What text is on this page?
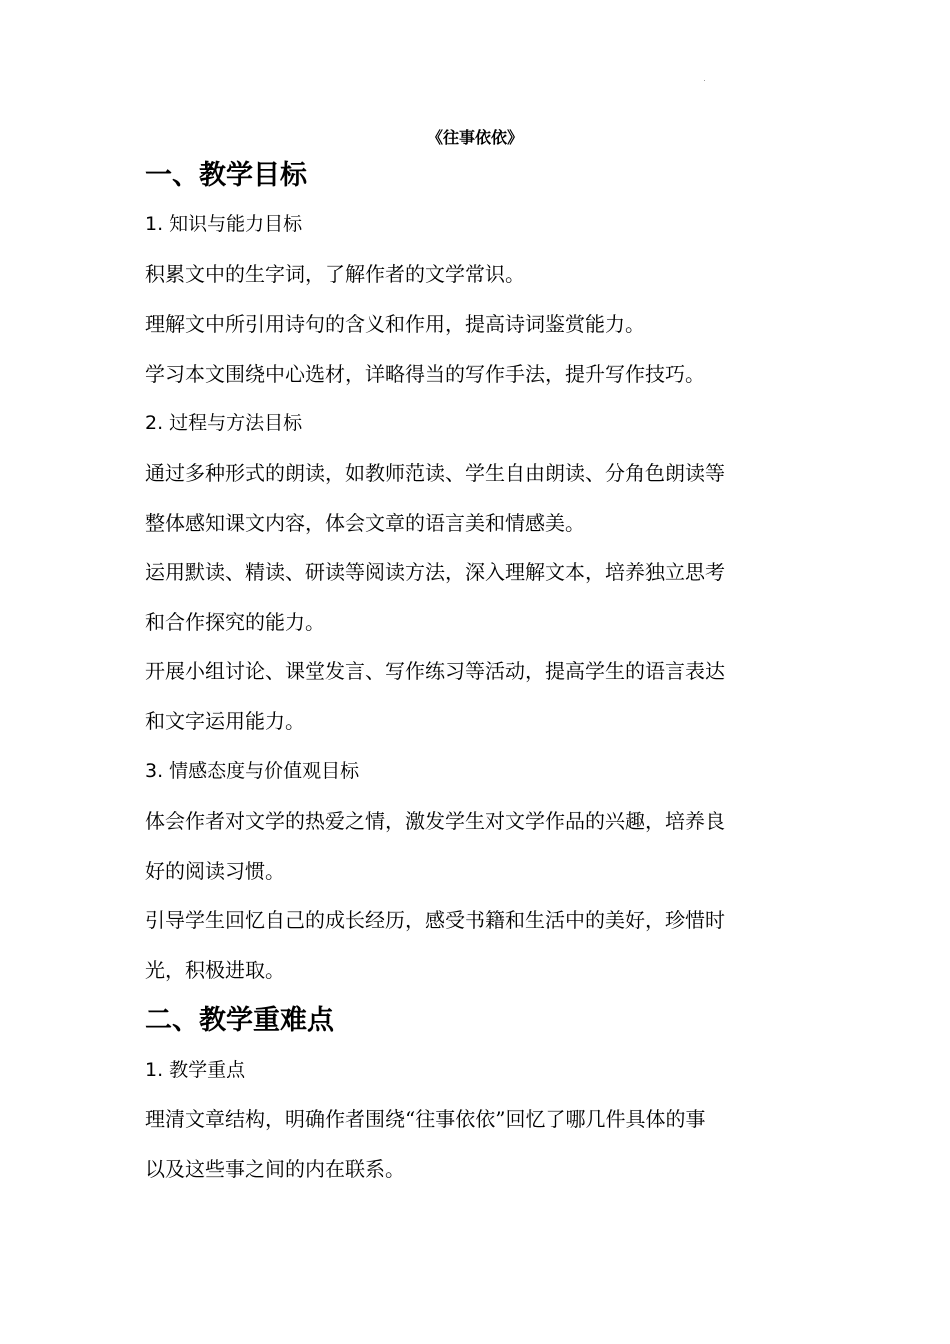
《往事依依》
一、教学目标
1. 知识与能力目标
积累文中的生字词，了解作者的文学常识。
理解文中所引用诗句的含义和作用，提高诗词鉴赏能力。
学习本文围绕中心选材，详略得当的写作手法，提升写作技巧。
2. 过程与方法目标
通过多种形式的朗读，如教师范读、学生自由朗读、分角色朗读等
整体感知课文内容，体会文章的语言美和情感美。
运用默读、精读、研读等阅读方法，深入理解文本，培养独立思考
和合作探究的能力。
开展小组讨论、课堂发言、写作练习等活动，提高学生的语言表达
和文字运用能力。
3. 情感态度与价值观目标
体会作者对文学的热爱之情，激发学生对文学作品的兴趣，培养良
好的阅读习惯。
引导学生回忆自己的成长经历，感受书籍和生活中的美好，珍惜时
光，积极进取。
二、教学重难点
1. 教学重点
理清文章结构，明确作者围绕“往事依依”回忆了哪几件具体的事
以及这些事之间的内在联系。
